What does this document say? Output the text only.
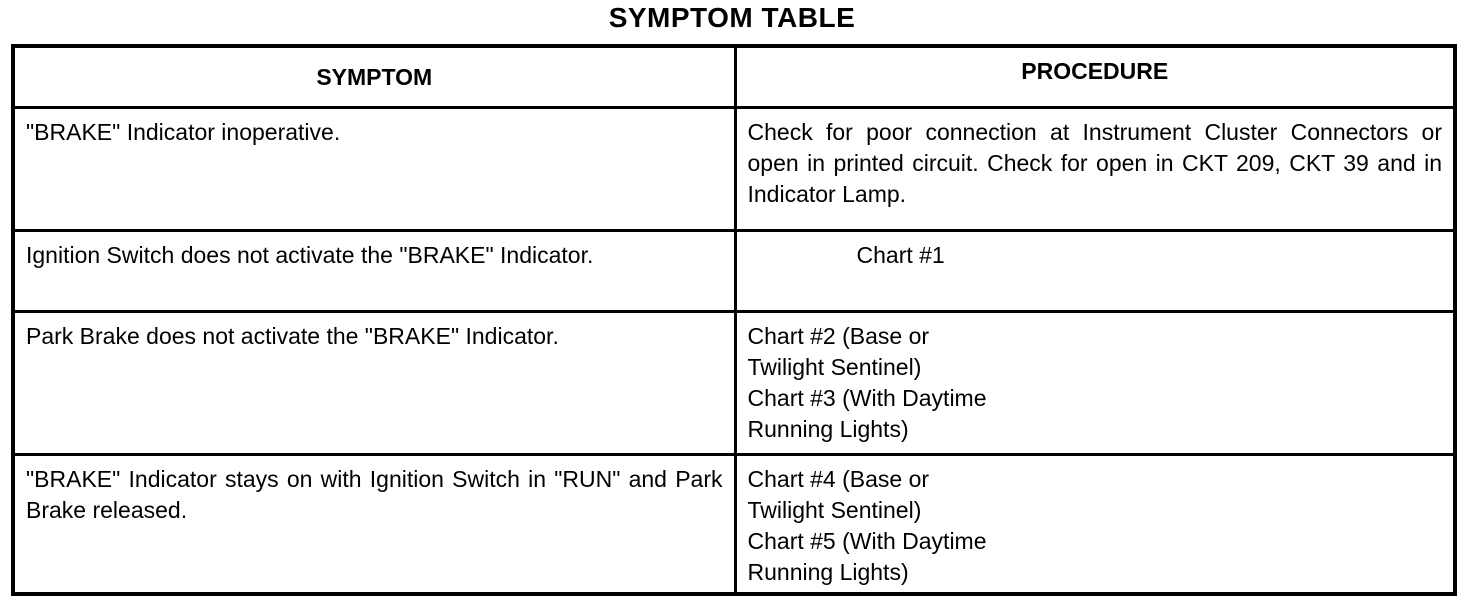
SYMPTOM TABLE
SYMPTOM	PROCEDURE

"BRAKE" Indicator inoperative.	Check for poor connection at Instrument Cluster Connectors or open in printed circuit. Check for open in CKT 209, CKT 39 and in Indicator Lamp.

Ignition Switch does not activate the "BRAKE" Indicator.	Chart #1

Park Brake does not activate the "BRAKE" Indicator.	Chart #2 (Base or
Twilight Sentinel)
Chart #3 (With Daytime
Running Lights)

"BRAKE" Indicator stays on with Ignition Switch in "RUN" and Park Brake released.	Chart #4 (Base or
Twilight Sentinel)
Chart #5 (With Daytime
Running Lights)
